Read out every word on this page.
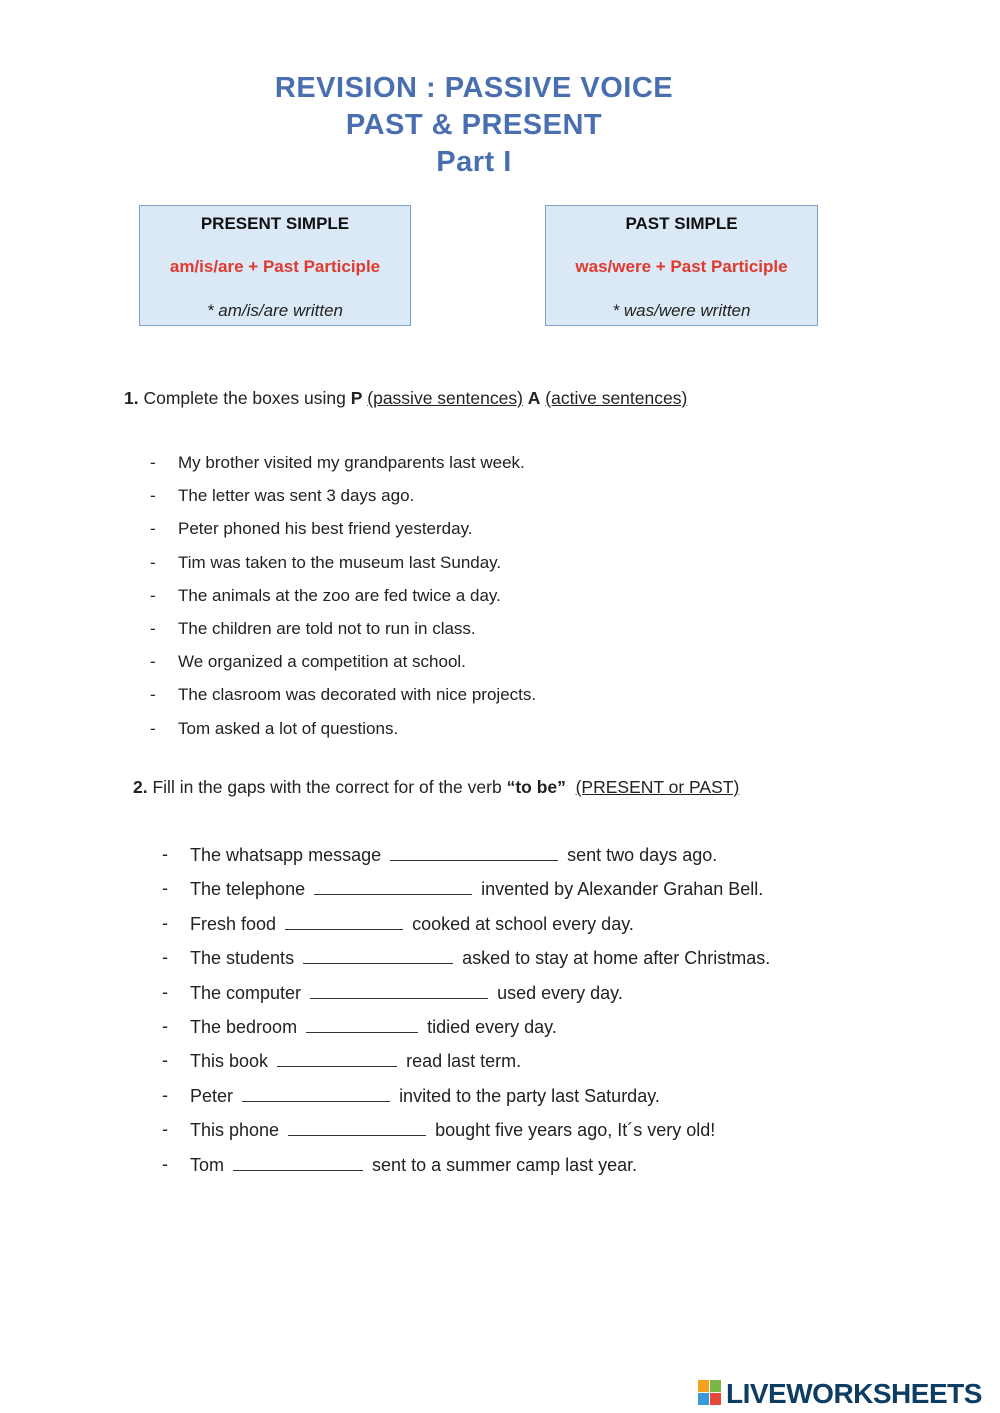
REVISION : PASSIVE VOICE
PAST & PRESENT
Part I
PRESENT SIMPLE
am/is/are + Past Participle
* am/is/are written
PAST SIMPLE
was/were + Past Participle
* was/were written
1. Complete the boxes using P (passive sentences) A (active sentences)
- My brother visited my grandparents last week.
- The letter was sent 3 days ago.
- Peter phoned his best friend yesterday.
- Tim was taken to the museum last Sunday.
- The animals at the zoo are fed twice a day.
- The children are told not to run in class.
- We organized a competition at school.
- The clasroom was decorated with nice projects.
- Tom asked a lot of questions.
2. Fill in the gaps with the correct for of the verb “to be” (PRESENT or PAST)
- The whatsapp message	sent two days ago.
- The telephone	invented by Alexander Grahan Bell.
- Fresh food	cooked at school every day.
- The students	asked to stay at home after Christmas.
- The computer	used every day.
- The bedroom	tidied every day.
- This book	read last term.
- Peter	invited to the party last Saturday.
- This phone	bought five years ago, It´s very old!
- Tom	sent to a summer camp last year.
LIVEWORKSHEETS
